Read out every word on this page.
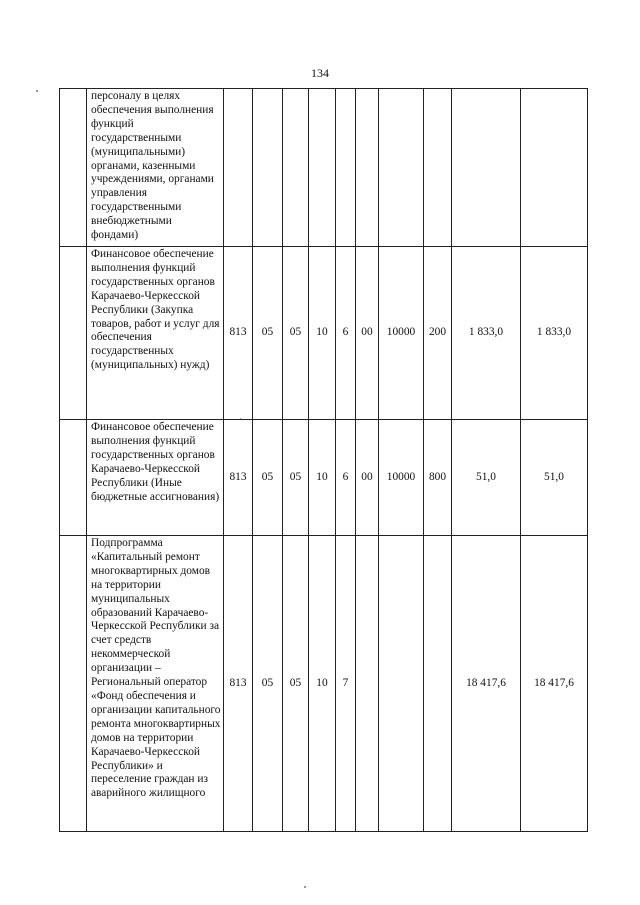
134
	персоналу в целях обеспечения выполнения функций государственными (муниципальными) органами, казенными учреждениями, органами управления государственными внебюджетными фондами)										
	Финансовое обеспечение выполнения функций государственных органов Карачаево-Черкесской Республики (Закупка товаров, работ и услуг для обеспечения государственных (муниципальных) нужд)	813	05	05	10	6	00	10000	200	1 833,0	1 833,0
	Финансовое обеспечение выполнения функций государственных органов Карачаево-Черкесской Республики (Иные бюджетные ассигнования)	813	05	05	10	6	00	10000	800	51,0	51,0
	Подпрограмма «Капитальный ремонт многоквартирных домов на территории муниципальных образований Карачаево-Черкесской Республики за счет средств некоммерческой организации – Региональный оператор «Фонд обеспечения и организации капитального ремонта многоквартирных домов на территории Карачаево-Черкесской Республики» и переселение граждан из аварийного жилищного	813	05	05	10	7				18 417,6	18 417,6
